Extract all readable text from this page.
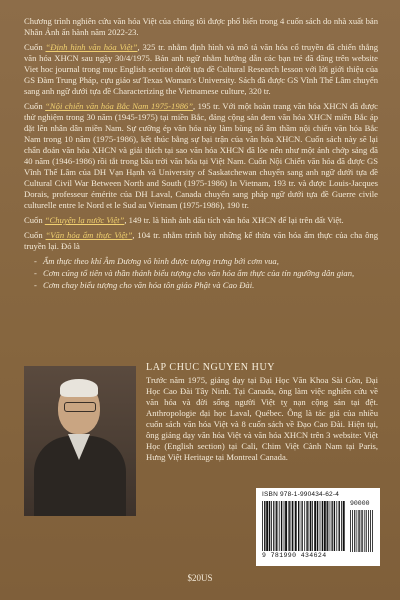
Chương trình nghiên cứu văn hóa Việt của chúng tôi được phổ biến trong 4 cuốn sách do nhà xuất bản Nhân Ảnh ấn hành năm 2022-23.

Cuốn “Định hình văn hóa Việt”, 325 tr. nhằm định hình và mô tả văn hóa cổ truyền đã chiến thắng văn hóa XHCN sau ngày 30/4/1975. Bản anh ngữ nhằm hướng dẫn các bạn trẻ đã đăng trên website Viet hoc journal trong mục English section dưới tựa đề Cultural Research lesson với lời giới thiệu của GS Đàm Trung Pháp, cựu giáo sư Texas Woman's University. Sách đã được GS Vĩnh Thế Lâm chuyển sang anh ngữ dưới tựa đề Characterizing the Vietnamese culture, 320 tr.

Cuốn “Nội chiến văn hóa Bắc Nam 1975-1986”, 195 tr. Với một hoàn trang văn hóa XHCN đã được thử nghiệm trong 30 năm (1945-1975) tại miền Bắc, đảng cộng sản đem văn hóa XHCN miền Bắc áp đặt lên nhân dân miền Nam. Sự cưỡng ép văn hóa này làm bùng nổ âm thầm nội chiến văn hóa Bắc Nam trong 10 năm (1975-1986), kết thúc bằng sự bại trận của văn hóa XHCN. Cuốn sách này sẽ lại chẩn đoán văn hóa XHCN và giải thích tại sao văn hóa XHCN đã lòe nên như một ánh chớp sáng đã 40 năm (1946-1986) rồi tắt trong bầu trời văn hóa tại Việt Nam. Cuốn Nội Chiến văn hóa đã được GS Vĩnh Thế Lâm của DH Vạn Hạnh và University of Saskatchewan chuyển sang anh ngữ dưới tựa đề Cultural Civil War Between North and South (1975-1986) In Vietnam, 193 tr. và được Louis-Jacques Dorais, professeur émérite của DH Laval, Canada chuyển sang pháp ngữ dưới tựa đề Guerre civile culturelle entre le Nord et le Sud au Vietnam (1975-1986), 190 tr.

Cuốn “Chuyện lạ nước Việt”, 149 tr. là hình ảnh dấu tích văn hóa XHCN để lại trên đất Việt.

Cuốn “Văn hóa ẩm thực Việt”, 104 tr. nhằm trình bày những kế thừa văn hóa ẩm thực của cha ông truyền lại. Đó là

- Ẩm thực theo khí Âm Dương vô hình được tượng trưng bởi cơm vua,
- Cơm cúng tổ tiên và thần thánh biểu tượng cho văn hóa ẩm thực của tín ngưỡng dân gian,
- Cơm chay biểu tượng cho văn hóa tôn giáo Phật và Cao Đài.
LAP CHUC NGUYEN HUY

Trước năm 1975, giảng dạy tại Đại Học Văn Khoa Sài Gòn, Đại Học Cao Đài Tây Ninh. Tại Canada, ông làm việc nghiên cứu về văn hóa và đời sống người Việt tỵ nạn cộng sản tại đệt. Anthropologie đại học Laval, Québec. Ông là tác giả của nhiều cuốn sách văn hóa Việt và 8 cuốn sách về Đạo Cao Đài. Hiện tại, ông giảng dạy văn hóa Việt và văn hóa XHCN trên 3 website: Việt Học (English section) tại Cali, Chim Việt Cành Nam tại Paris, Hưng Việt Heritage tại Montreal Canada.

ISBN 978-1-990434-62-4
90000
9 781990 434624
$20US
